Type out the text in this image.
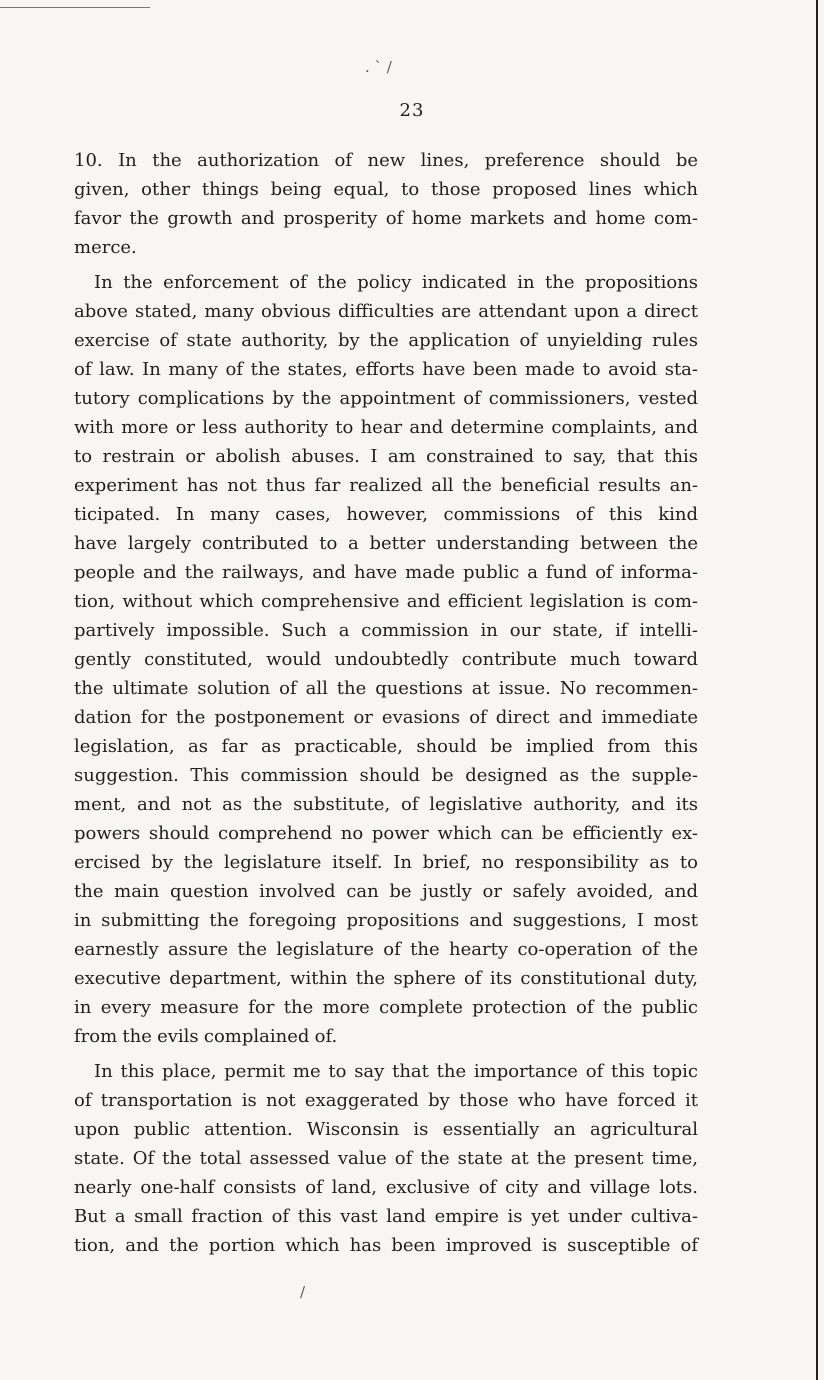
. ` /
/
23
10. In the authorization of new lines, preference should be
given, other things being equal, to those proposed lines which
favor the growth and prosperity of home markets and home com-
merce.
In the enforcement of the policy indicated in the propositions
above stated, many obvious difficulties are attendant upon a direct
exercise of state authority, by the application of unyielding rules
of law. In many of the states, efforts have been made to avoid sta-
tutory complications by the appointment of commissioners, vested
with more or less authority to hear and determine complaints, and
to restrain or abolish abuses. I am constrained to say, that this
experiment has not thus far realized all the beneficial results an-
ticipated. In many cases, however, commissions of this kind
have largely contributed to a better understanding between the
people and the railways, and have made public a fund of informa-
tion, without which comprehensive and efficient legislation is com-
partively impossible. Such a commission in our state, if intelli-
gently constituted, would undoubtedly contribute much toward
the ultimate solution of all the questions at issue. No recommen-
dation for the postponement or evasions of direct and immediate
legislation, as far as practicable, should be implied from this
suggestion. This commission should be designed as the supple-
ment, and not as the substitute, of legislative authority, and its
powers should comprehend no power which can be efficiently ex-
ercised by the legislature itself. In brief, no responsibility as to
the main question involved can be justly or safely avoided, and
in submitting the foregoing propositions and suggestions, I most
earnestly assure the legislature of the hearty co-operation of the
executive department, within the sphere of its constitutional duty,
in every measure for the more complete protection of the public
from the evils complained of.
In this place, permit me to say that the importance of this topic
of transportation is not exaggerated by those who have forced it
upon public attention. Wisconsin is essentially an agricultural
state. Of the total assessed value of the state at the present time,
nearly one-half consists of land, exclusive of city and village lots.
But a small fraction of this vast land empire is yet under cultiva-
tion, and the portion which has been improved is susceptible of
